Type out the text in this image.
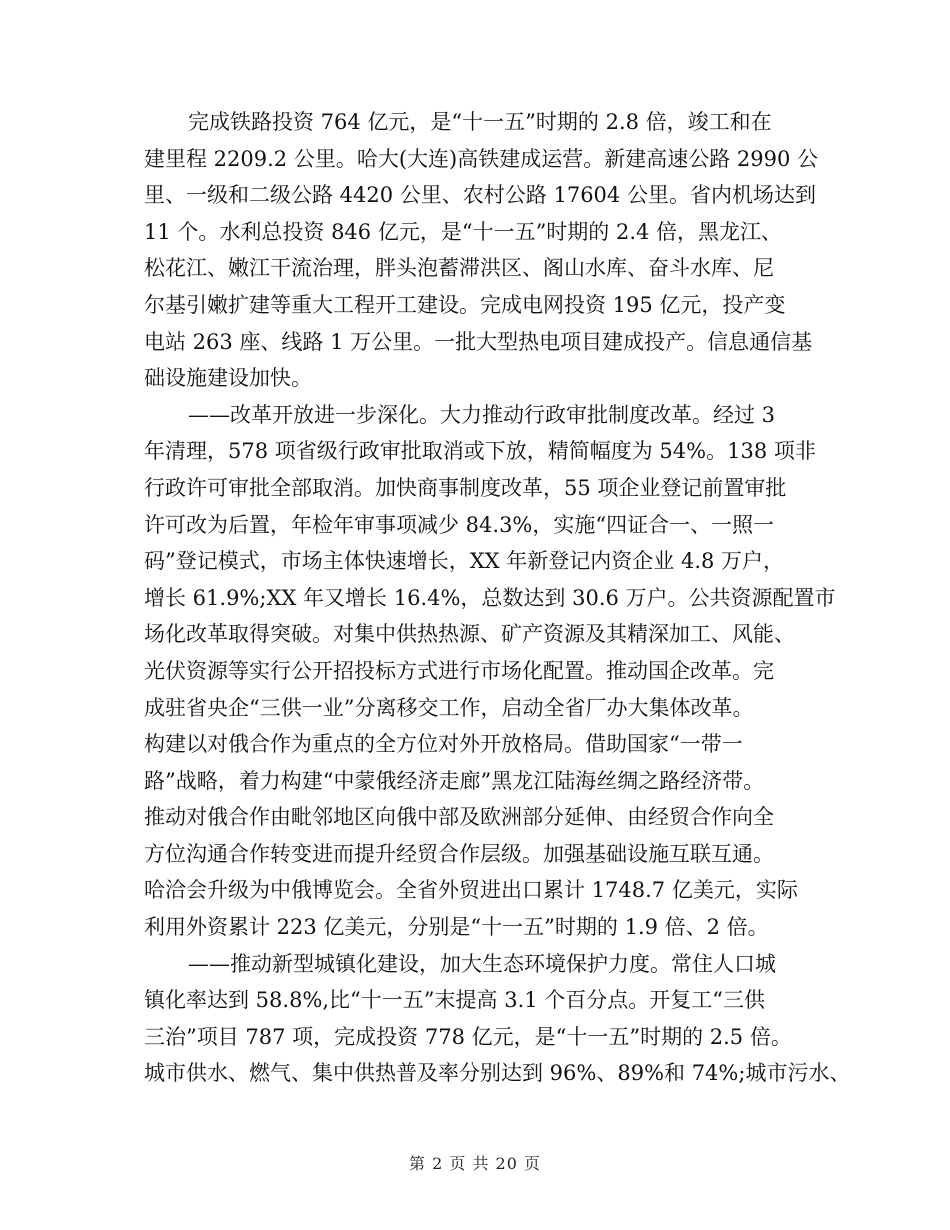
完成铁路投资 764 亿元，是“十一五”时期的 2.8 倍，竣工和在
建里程 2209.2 公里。哈大(大连)高铁建成运营。新建高速公路 2990 公
里、一级和二级公路 4420 公里、农村公路 17604 公里。省内机场达到
11 个。水利总投资 846 亿元，是“十一五”时期的 2.4 倍，黑龙江、
松花江、嫩江干流治理，胖头泡蓄滞洪区、阁山水库、奋斗水库、尼
尔基引嫩扩建等重大工程开工建设。完成电网投资 195 亿元，投产变
电站 263 座、线路 1 万公里。一批大型热电项目建成投产。信息通信基
础设施建设加快。
——改革开放进一步深化。大力推动行政审批制度改革。经过 3
年清理，578 项省级行政审批取消或下放，精简幅度为 54%。138 项非
行政许可审批全部取消。加快商事制度改革，55 项企业登记前置审批
许可改为后置，年检年审事项减少 84.3%，实施“四证合一、一照一
码”登记模式，市场主体快速增长，XX 年新登记内资企业 4.8 万户，
增长 61.9%;XX 年又增长 16.4%，总数达到 30.6 万户。公共资源配置市
场化改革取得突破。对集中供热热源、矿产资源及其精深加工、风能、
光伏资源等实行公开招投标方式进行市场化配置。推动国企改革。完
成驻省央企“三供一业”分离移交工作，启动全省厂办大集体改革。
构建以对俄合作为重点的全方位对外开放格局。借助国家“一带一
路”战略，着力构建“中蒙俄经济走廊”黑龙江陆海丝绸之路经济带。
推动对俄合作由毗邻地区向俄中部及欧洲部分延伸、由经贸合作向全
方位沟通合作转变进而提升经贸合作层级。加强基础设施互联互通。
哈洽会升级为中俄博览会。全省外贸进出口累计 1748.7 亿美元，实际
利用外资累计 223 亿美元，分别是“十一五”时期的 1.9 倍、2 倍。
——推动新型城镇化建设，加大生态环境保护力度。常住人口城
镇化率达到 58.8%,比“十一五”末提高 3.1 个百分点。开复工“三供
三治”项目 787 项，完成投资 778 亿元，是“十一五”时期的 2.5 倍。
城市供水、燃气、集中供热普及率分别达到 96%、89%和 74%;城市污水、
第 2 页 共 20 页
